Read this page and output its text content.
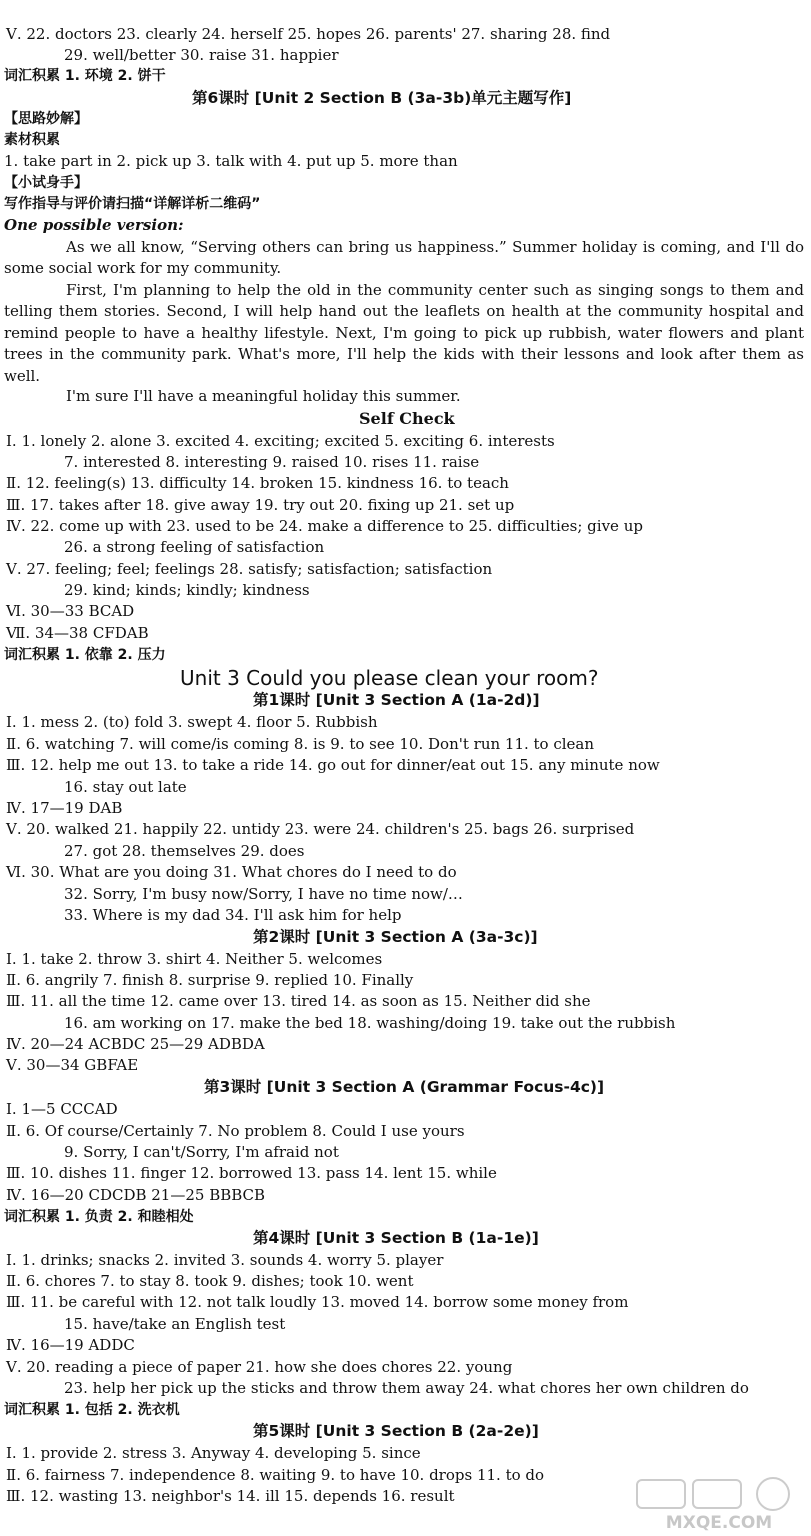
Ⅴ. 22. doctors 23. clearly 24. herself 25. hopes 26. parents' 27. sharing 28. find
29. well/better 30. raise 31. happier
词汇积累 1. 环境 2. 饼干
第6课时 [Unit 2 Section B (3a-3b)单元主题写作]
【思路妙解】
素材积累
1. take part in 2. pick up 3. talk with 4. put up 5. more than
【小试身手】
写作指导与评价请扫描“详解详析二维码”
One possible version:

As we all know, “Serving others can bring us happiness.” Summer holiday is coming, and I'll do some social work for my community.

First, I'm planning to help the old in the community center such as singing songs to them and telling them stories. Second, I will help hand out the leaflets on health at the community hospital and remind people to have a healthy lifestyle. Next, I'm going to pick up rubbish, water flowers and plant trees in the community park. What's more, I'll help the kids with their lessons and look after them as well.

I'm sure I'll have a meaningful holiday this summer.

Self Check
Ⅰ. 1. lonely 2. alone 3. excited 4. exciting; excited 5. exciting 6. interests
7. interested 8. interesting 9. raised 10. rises 11. raise
Ⅱ. 12. feeling(s) 13. difficulty 14. broken 15. kindness 16. to teach
Ⅲ. 17. takes after 18. give away 19. try out 20. fixing up 21. set up
Ⅳ. 22. come up with 23. used to be 24. make a difference to 25. difficulties; give up
26. a strong feeling of satisfaction
Ⅴ. 27. feeling; feel; feelings 28. satisfy; satisfaction; satisfaction
29. kind; kinds; kindly; kindness
Ⅵ. 30—33 BCAD
Ⅶ. 34—38 CFDAB
词汇积累 1. 依靠 2. 压力
Unit 3 Could you please clean your room?
第1课时 [Unit 3 Section A (1a-2d)]
Ⅰ. 1. mess 2. (to) fold 3. swept 4. floor 5. Rubbish
Ⅱ. 6. watching 7. will come/is coming 8. is 9. to see 10. Don't run 11. to clean
Ⅲ. 12. help me out 13. to take a ride 14. go out for dinner/eat out 15. any minute now
16. stay out late
Ⅳ. 17—19 DAB
Ⅴ. 20. walked 21. happily 22. untidy 23. were 24. children's 25. bags 26. surprised
27. got 28. themselves 29. does
Ⅵ. 30. What are you doing 31. What chores do I need to do
32. Sorry, I'm busy now/Sorry, I have no time now/…
33. Where is my dad 34. I'll ask him for help
第2课时 [Unit 3 Section A (3a-3c)]
Ⅰ. 1. take 2. throw 3. shirt 4. Neither 5. welcomes
Ⅱ. 6. angrily 7. finish 8. surprise 9. replied 10. Finally
Ⅲ. 11. all the time 12. came over 13. tired 14. as soon as 15. Neither did she
16. am working on 17. make the bed 18. washing/doing 19. take out the rubbish
Ⅳ. 20—24 ACBDC 25—29 ADBDA
Ⅴ. 30—34 GBFAE
第3课时 [Unit 3 Section A (Grammar Focus-4c)]
Ⅰ. 1—5 CCCAD
Ⅱ. 6. Of course/Certainly 7. No problem 8. Could I use yours
9. Sorry, I can't/Sorry, I'm afraid not
Ⅲ. 10. dishes 11. finger 12. borrowed 13. pass 14. lent 15. while
Ⅳ. 16—20 CDCDB 21—25 BBBCB
词汇积累 1. 负责 2. 和睦相处
第4课时 [Unit 3 Section B (1a-1e)]
Ⅰ. 1. drinks; snacks 2. invited 3. sounds 4. worry 5. player
Ⅱ. 6. chores 7. to stay 8. took 9. dishes; took 10. went
Ⅲ. 11. be careful with 12. not talk loudly 13. moved 14. borrow some money from
15. have/take an English test
Ⅳ. 16—19 ADDC
Ⅴ. 20. reading a piece of paper 21. how she does chores 22. young
23. help her pick up the sticks and throw them away 24. what chores her own children do
词汇积累 1. 包括 2. 洗衣机
第5课时 [Unit 3 Section B (2a-2e)]
Ⅰ. 1. provide 2. stress 3. Anyway 4. developing 5. since
Ⅱ. 6. fairness 7. independence 8. waiting 9. to have 10. drops 11. to do
Ⅲ. 12. wasting 13. neighbor's 14. ill 15. depends 16. result
MXQE.COM
